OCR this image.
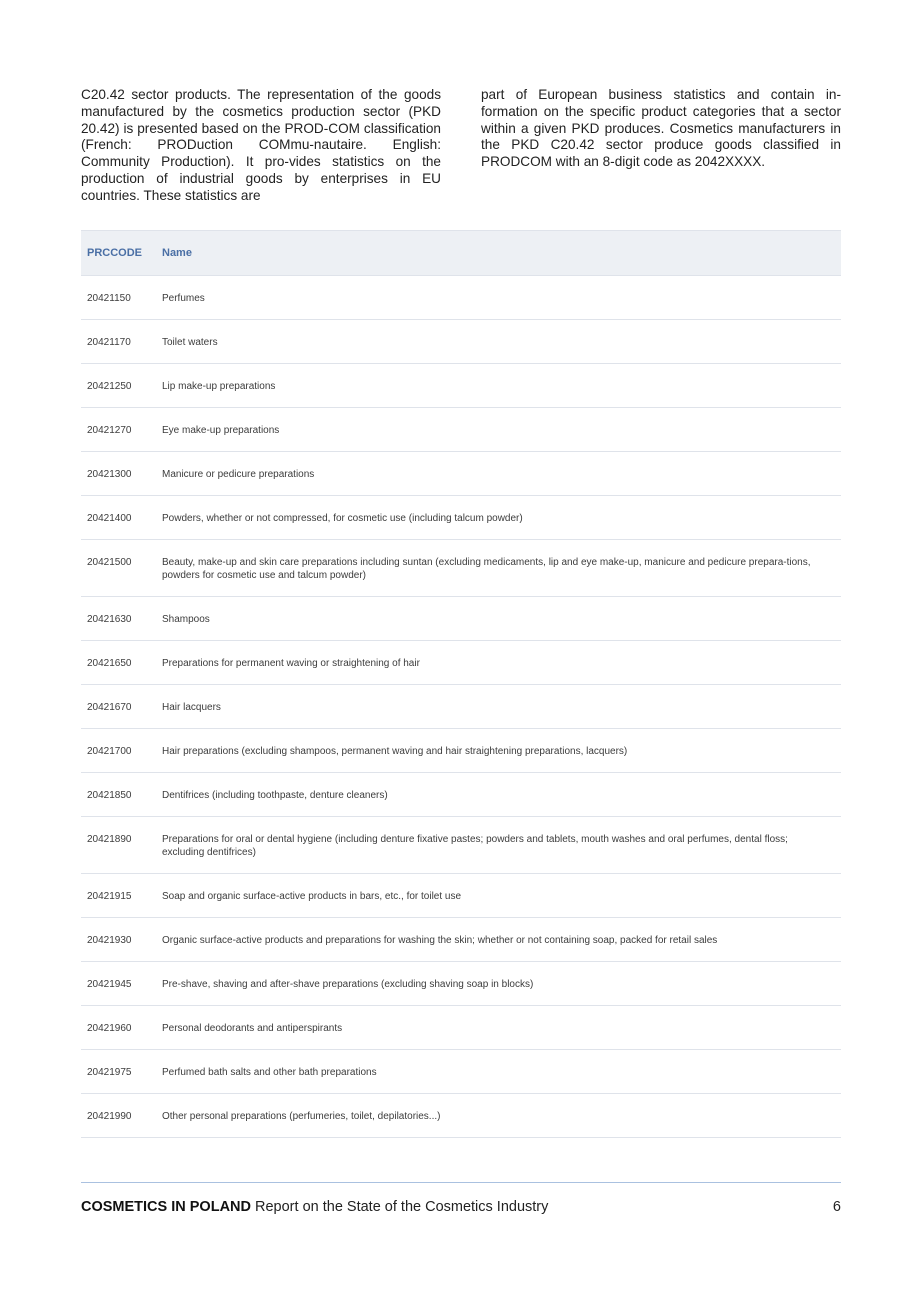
C20.42 sector products. The representation of the goods manufactured by the cosmetics production sector (PKD 20.42) is presented based on the PROD-COM classification (French: PRODuction COMmu-nautaire. English: Community Production). It pro-vides statistics on the production of industrial goods by enterprises in EU countries. These statistics are

part of European business statistics and contain in-formation on the specific product categories that a sector within a given PKD produces. Cosmetics manufacturers in the PKD C20.42 sector produce goods classified in PRODCOM with an 8-digit code as 2042XXXX.

PRCCODE	Name
20421150	Perfumes
20421170	Toilet waters
20421250	Lip make-up preparations
20421270	Eye make-up preparations
20421300	Manicure or pedicure preparations
20421400	Powders, whether or not compressed, for cosmetic use (including talcum powder)
20421500	Beauty, make-up and skin care preparations including suntan (excluding medicaments, lip and eye make-up, manicure and pedicure prepara-tions, powders for cosmetic use and talcum powder)
20421630	Shampoos
20421650	Preparations for permanent waving or straightening of hair
20421670	Hair lacquers
20421700	Hair preparations (excluding shampoos, permanent waving and hair straightening preparations, lacquers)
20421850	Dentifrices (including toothpaste, denture cleaners)
20421890	Preparations for oral or dental hygiene (including denture fixative pastes; powders and tablets, mouth washes and oral perfumes, dental floss; excluding dentifrices)
20421915	Soap and organic surface-active products in bars, etc., for toilet use
20421930	Organic surface-active products and preparations for washing the skin; whether or not containing soap, packed for retail sales
20421945	Pre-shave, shaving and after-shave preparations (excluding shaving soap in blocks)
20421960	Personal deodorants and antiperspirants
20421975	Perfumed bath salts and other bath preparations
20421990	Other personal preparations (perfumeries, toilet, depilatories...)
COSMETICS IN POLAND Report on the State of the Cosmetics Industry	6
